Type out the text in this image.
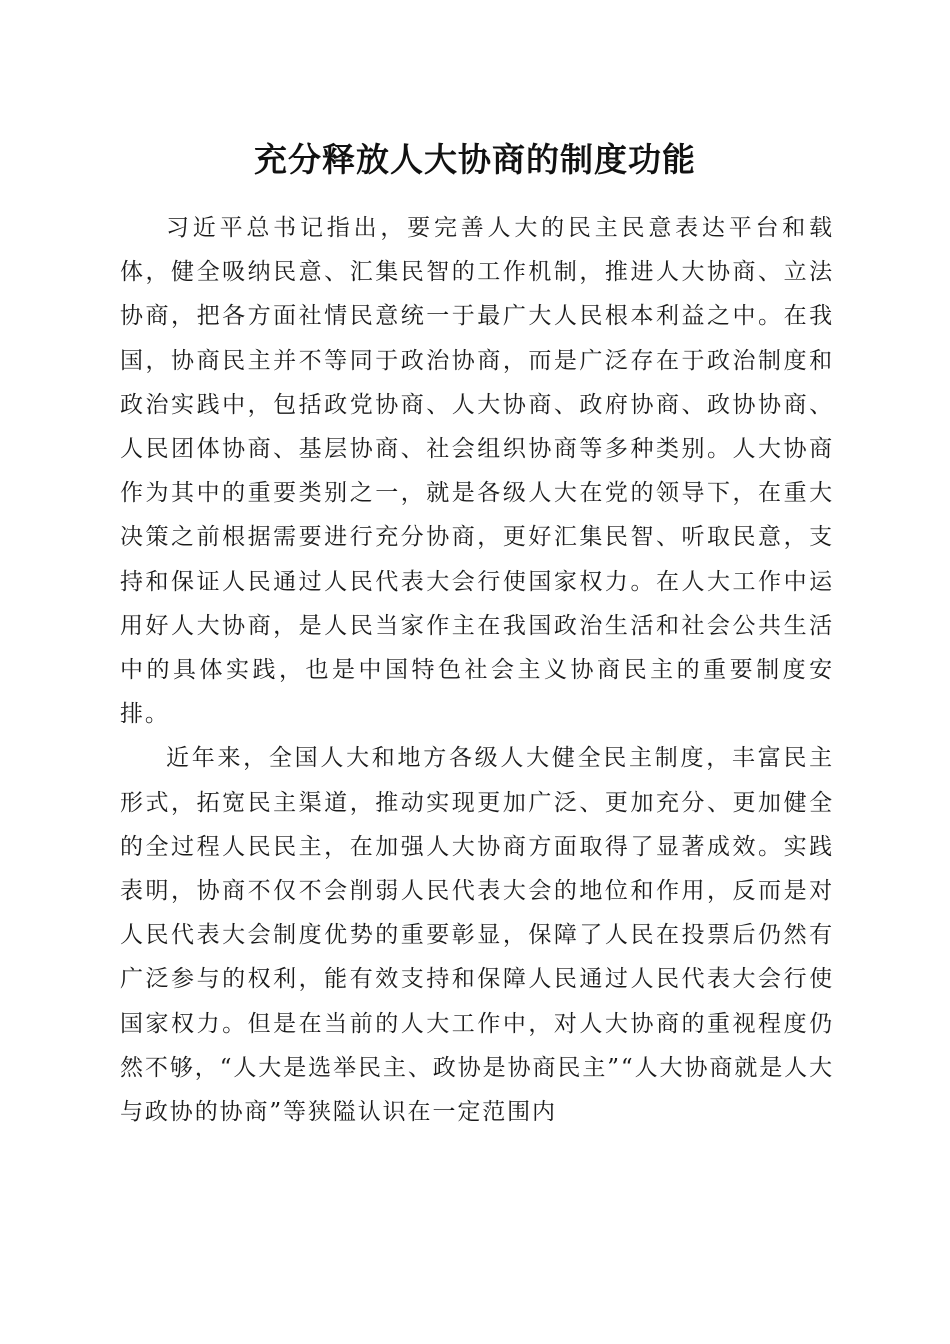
充分释放人大协商的制度功能

习近平总书记指出，要完善人大的民主民意表达平台和载体，健全吸纳民意、汇集民智的工作机制，推进人大协商、立法协商，把各方面社情民意统一于最广大人民根本利益之中。在我国，协商民主并不等同于政治协商，而是广泛存在于政治制度和政治实践中，包括政党协商、人大协商、政府协商、政协协商、人民团体协商、基层协商、社会组织协商等多种类别。人大协商作为其中的重要类别之一，就是各级人大在党的领导下，在重大决策之前根据需要进行充分协商，更好汇集民智、听取民意，支持和保证人民通过人民代表大会行使国家权力。在人大工作中运用好人大协商，是人民当家作主在我国政治生活和社会公共生活中的具体实践，也是中国特色社会主义协商民主的重要制度安排。

近年来，全国人大和地方各级人大健全民主制度，丰富民主形式，拓宽民主渠道，推动实现更加广泛、更加充分、更加健全的全过程人民民主，在加强人大协商方面取得了显著成效。实践表明，协商不仅不会削弱人民代表大会的地位和作用，反而是对人民代表大会制度优势的重要彰显，保障了人民在投票后仍然有广泛参与的权利，能有效支持和保障人民通过人民代表大会行使国家权力。但是在当前的人大工作中，对人大协商的重视程度仍然不够，“人大是选举民主、政协是协商民主”“人大协商就是人大与政协的协商”等狭隘认识在一定范围内
